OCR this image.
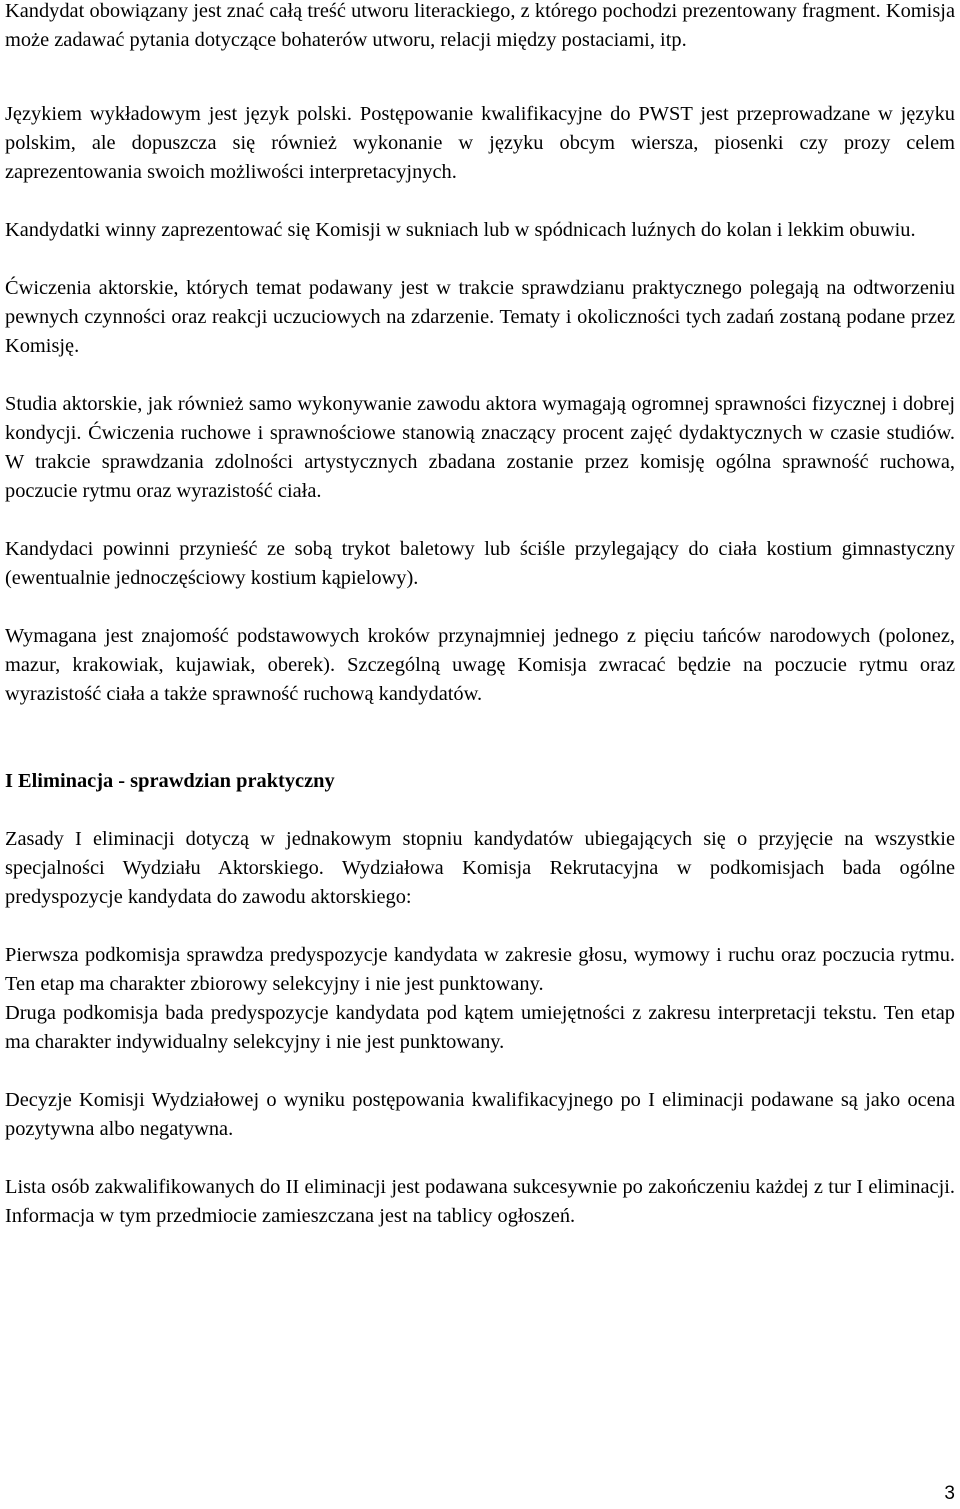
Kandydat obowiązany jest znać całą treść utworu literackiego, z którego pochodzi prezentowany fragment. Komisja może zadawać pytania dotyczące bohaterów utworu, relacji między postaciami, itp.

Językiem wykładowym jest język polski. Postępowanie kwalifikacyjne do PWST jest przeprowadzane w języku polskim, ale dopuszcza się również wykonanie w języku obcym wiersza, piosenki czy prozy celem zaprezentowania swoich możliwości interpretacyjnych.

Kandydatki winny zaprezentować się Komisji w sukniach lub w spódnicach luźnych do kolan i lekkim obuwiu.

Ćwiczenia aktorskie, których temat podawany jest w trakcie sprawdzianu praktycznego polegają na odtworzeniu pewnych czynności oraz reakcji uczuciowych na zdarzenie. Tematy i okoliczności tych zadań zostaną podane przez Komisję.

Studia aktorskie, jak również samo wykonywanie zawodu aktora wymagają ogromnej sprawności fizycznej i dobrej kondycji. Ćwiczenia ruchowe i sprawnościowe stanowią znaczący procent zajęć dydaktycznych w czasie studiów. W trakcie sprawdzania zdolności artystycznych zbadana zostanie przez komisję ogólna sprawność ruchowa, poczucie rytmu oraz wyrazistość ciała.

Kandydaci powinni przynieść ze sobą trykot baletowy lub ściśle przylegający do ciała kostium gimnastyczny (ewentualnie jednoczęściowy kostium kąpielowy).

Wymagana jest znajomość podstawowych kroków przynajmniej jednego z pięciu tańców narodowych (polonez, mazur, krakowiak, kujawiak, oberek). Szczególną uwagę Komisja zwracać będzie na poczucie rytmu oraz wyrazistość ciała a także sprawność ruchową kandydatów.

I Eliminacja - sprawdzian praktyczny

Zasady I eliminacji dotyczą w jednakowym stopniu kandydatów ubiegających się o przyjęcie na wszystkie specjalności Wydziału Aktorskiego. Wydziałowa Komisja Rekrutacyjna w podkomisjach bada ogólne predyspozycje kandydata do zawodu aktorskiego:

Pierwsza podkomisja sprawdza predyspozycje kandydata w zakresie głosu, wymowy i ruchu oraz poczucia rytmu. Ten etap ma charakter zbiorowy selekcyjny i nie jest punktowany.

Druga podkomisja bada predyspozycje kandydata pod kątem umiejętności z zakresu interpretacji tekstu. Ten etap ma charakter indywidualny selekcyjny i nie jest punktowany.

Decyzje Komisji Wydziałowej o wyniku postępowania kwalifikacyjnego po I eliminacji podawane są jako ocena pozytywna albo negatywna.

Lista osób zakwalifikowanych do II eliminacji jest podawana sukcesywnie po zakończeniu każdej z tur I eliminacji. Informacja w tym przedmiocie zamieszczana jest na tablicy ogłoszeń.

3
